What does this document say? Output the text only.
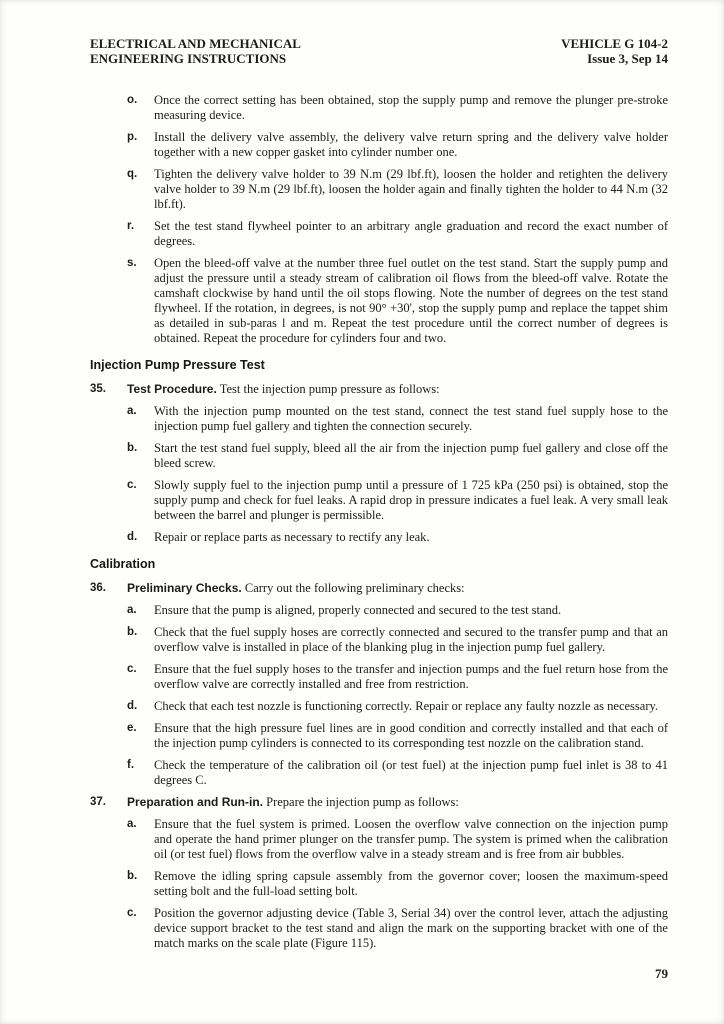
ELECTRICAL AND MECHANICAL
ENGINEERING INSTRUCTIONS
VEHICLE G 104-2
Issue 3, Sep 14
o. Once the correct setting has been obtained, stop the supply pump and remove the plunger pre-stroke measuring device.

p. Install the delivery valve assembly, the delivery valve return spring and the delivery valve holder together with a new copper gasket into cylinder number one.

q. Tighten the delivery valve holder to 39 N.m (29 lbf.ft), loosen the holder and retighten the delivery valve holder to 39 N.m (29 lbf.ft), loosen the holder again and finally tighten the holder to 44 N.m (32 lbf.ft).

r. Set the test stand flywheel pointer to an arbitrary angle graduation and record the exact number of degrees.

s. Open the bleed-off valve at the number three fuel outlet on the test stand. Start the supply pump and adjust the pressure until a steady stream of calibration oil flows from the bleed-off valve. Rotate the camshaft clockwise by hand until the oil stops flowing. Note the number of degrees on the test stand flywheel. If the rotation, in degrees, is not 90° +30', stop the supply pump and replace the tappet shim as detailed in sub-paras l and m. Repeat the test procedure until the correct number of degrees is obtained. Repeat the procedure for cylinders four and two.

Injection Pump Pressure Test
35. Test Procedure. Test the injection pump pressure as follows:

a. With the injection pump mounted on the test stand, connect the test stand fuel supply hose to the injection pump fuel gallery and tighten the connection securely.

b. Start the test stand fuel supply, bleed all the air from the injection pump fuel gallery and close off the bleed screw.

c. Slowly supply fuel to the injection pump until a pressure of 1 725 kPa (250 psi) is obtained, stop the supply pump and check for fuel leaks. A rapid drop in pressure indicates a fuel leak. A very small leak between the barrel and plunger is permissible.

d. Repair or replace parts as necessary to rectify any leak.

Calibration
36. Preliminary Checks. Carry out the following preliminary checks:

a. Ensure that the pump is aligned, properly connected and secured to the test stand.

b. Check that the fuel supply hoses are correctly connected and secured to the transfer pump and that an overflow valve is installed in place of the blanking plug in the injection pump fuel gallery.

c. Ensure that the fuel supply hoses to the transfer and injection pumps and the fuel return hose from the overflow valve are correctly installed and free from restriction.

d. Check that each test nozzle is functioning correctly. Repair or replace any faulty nozzle as necessary.

e. Ensure that the high pressure fuel lines are in good condition and correctly installed and that each of the injection pump cylinders is connected to its corresponding test nozzle on the calibration stand.

f. Check the temperature of the calibration oil (or test fuel) at the injection pump fuel inlet is 38 to 41 degrees C.

37. Preparation and Run-in. Prepare the injection pump as follows:

a. Ensure that the fuel system is primed. Loosen the overflow valve connection on the injection pump and operate the hand primer plunger on the transfer pump. The system is primed when the calibration oil (or test fuel) flows from the overflow valve in a steady stream and is free from air bubbles.

b. Remove the idling spring capsule assembly from the governor cover; loosen the maximum-speed setting bolt and the full-load setting bolt.

c. Position the governor adjusting device (Table 3, Serial 34) over the control lever, attach the adjusting device support bracket to the test stand and align the mark on the supporting bracket with one of the match marks on the scale plate (Figure 115).

79
